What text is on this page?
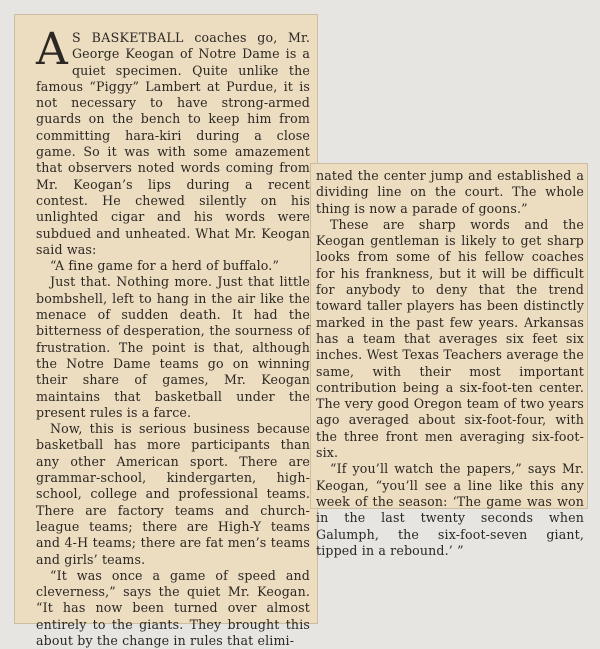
A S BASKETBALL coaches go, Mr. George Keogan of Notre Dame is a quiet specimen. Quite unlike the famous “Piggy” Lambert at Purdue, it is not necessary to have strong-armed guards on the bench to keep him from committing hara-kiri during a close game. So it was with some amazement that observers noted words coming from Mr. Keogan’s lips during a recent contest. He chewed silently on his unlighted cigar and his words were subdued and unheated. What Mr. Keogan said was:

“A fine game for a herd of buffalo.”

Just that. Nothing more. Just that little bombshell, left to hang in the air like the menace of sudden death. It had the bitterness of desperation, the sourness of frustration. The point is that, although the Notre Dame teams go on winning their share of games, Mr. Keogan maintains that basketball under the present rules is a farce.

Now, this is serious business because basketball has more participants than any other American sport. There are grammar-school, kindergarten, high-school, college and professional teams. There are factory teams and church-league teams; there are High-Y teams and 4-H teams; there are fat men’s teams and girls’ teams.

“It was once a game of speed and cleverness,” says the quiet Mr. Keogan. “It has now been turned over almost entirely to the giants. They brought this about by the change in rules that elimi-

nated the center jump and established a dividing line on the court. The whole thing is now a parade of goons.”

These are sharp words and the Keogan gentleman is likely to get sharp looks from some of his fellow coaches for his frankness, but it will be difficult for anybody to deny that the trend toward taller players has been distinctly marked in the past few years. Arkansas has a team that averages six feet six inches. West Texas Teachers average the same, with their most important contribution being a six-foot-ten center. The very good Oregon team of two years ago averaged about six-foot-four, with the three front men averaging six-foot-six.

“If you’ll watch the papers,” says Mr. Keogan, “you’ll see a line like this any week of the season: ‘The game was won in the last twenty seconds when Galumph, the six-foot-seven giant, tipped in a rebound.’ ”
